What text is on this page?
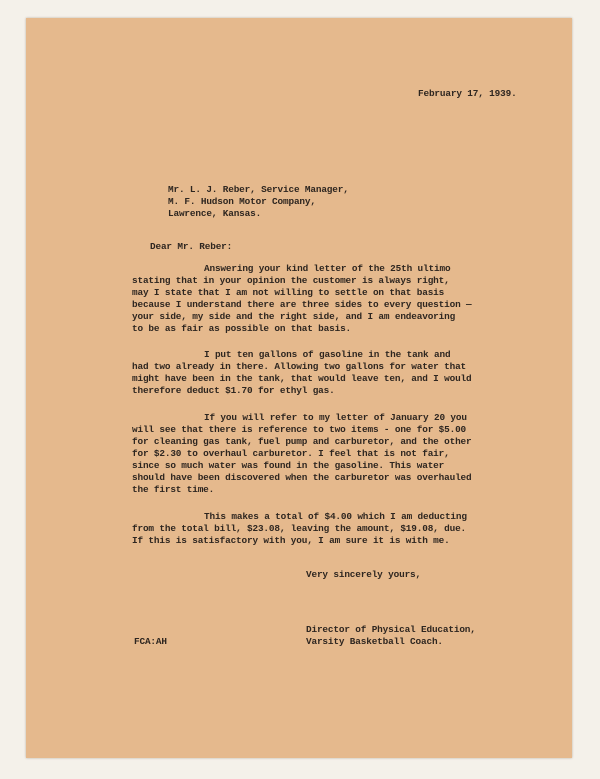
February 17, 1939.
Mr. L. J. Reber, Service Manager,
M. F. Hudson Motor Company,
Lawrence, Kansas.
Dear Mr. Reber:
Answering your kind letter of the 25th ultimo
stating that in your opinion the customer is always right,
may I state that I am not willing to settle on that basis
because I understand there are three sides to every question —
your side, my side and the right side, and I am endeavoring
to be as fair as possible on that basis.
I put ten gallons of gasoline in the tank and
had two already in there. Allowing two gallons for water that
might have been in the tank, that would leave ten, and I would
therefore deduct $1.70 for ethyl gas.
If you will refer to my letter of January 20 you
will see that there is reference to two items - one for $5.00
for cleaning gas tank, fuel pump and carburetor, and the other
for $2.30 to overhaul carburetor. I feel that is not fair,
since so much water was found in the gasoline. This water
should have been discovered when the carburetor was overhauled
the first time.
This makes a total of $4.00 which I am deducting
from the total bill, $23.08, leaving the amount, $19.08, due.
If this is satisfactory with you, I am sure it is with me.
Very sincerely yours,
Director of Physical Education,
Varsity Basketball Coach.
FCA:AH
